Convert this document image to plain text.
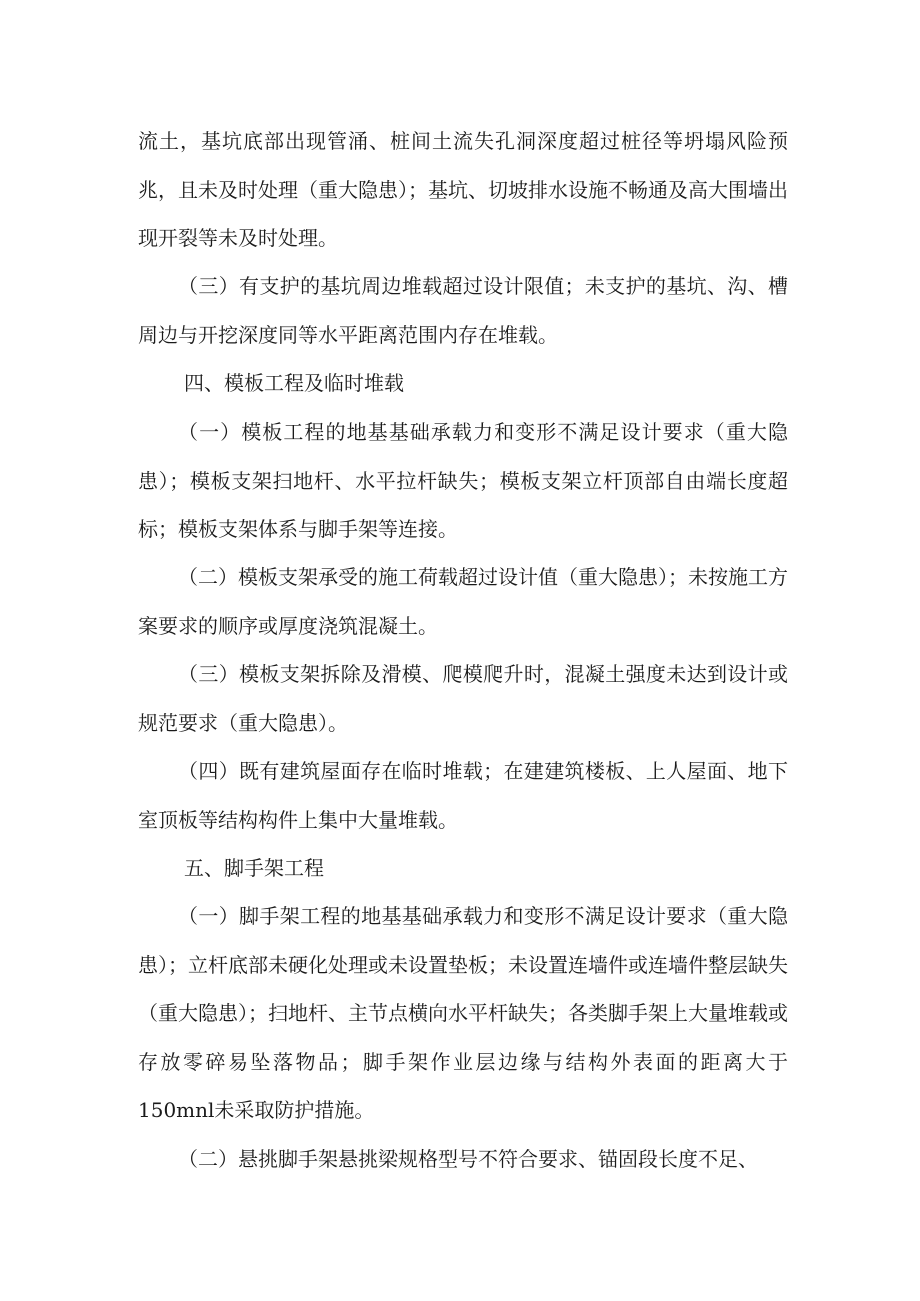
流土，基坑底部出现管涌、桩间土流失孔洞深度超过桩径等坍塌风险预兆，且未及时处理（重大隐患）；基坑、切坡排水设施不畅通及高大围墙出现开裂等未及时处理。

（三）有支护的基坑周边堆载超过设计限值；未支护的基坑、沟、槽周边与开挖深度同等水平距离范围内存在堆载。

四、模板工程及临时堆载

（一）模板工程的地基基础承载力和变形不满足设计要求（重大隐患）；模板支架扫地杆、水平拉杆缺失；模板支架立杆顶部自由端长度超标；模板支架体系与脚手架等连接。

（二）模板支架承受的施工荷载超过设计值（重大隐患）；未按施工方案要求的顺序或厚度浇筑混凝土。

（三）模板支架拆除及滑模、爬模爬升时，混凝土强度未达到设计或规范要求（重大隐患）。

（四）既有建筑屋面存在临时堆载；在建建筑楼板、上人屋面、地下室顶板等结构构件上集中大量堆载。

五、脚手架工程

（一）脚手架工程的地基基础承载力和变形不满足设计要求（重大隐患）；立杆底部未硬化处理或未设置垫板；未设置连墙件或连墙件整层缺失（重大隐患）；扫地杆、主节点横向水平杆缺失；各类脚手架上大量堆载或存放零碎易坠落物品；脚手架作业层边缘与结构外表面的距离大于150mnl未采取防护措施。

（二）悬挑脚手架悬挑梁规格型号不符合要求、锚固段长度不足、
